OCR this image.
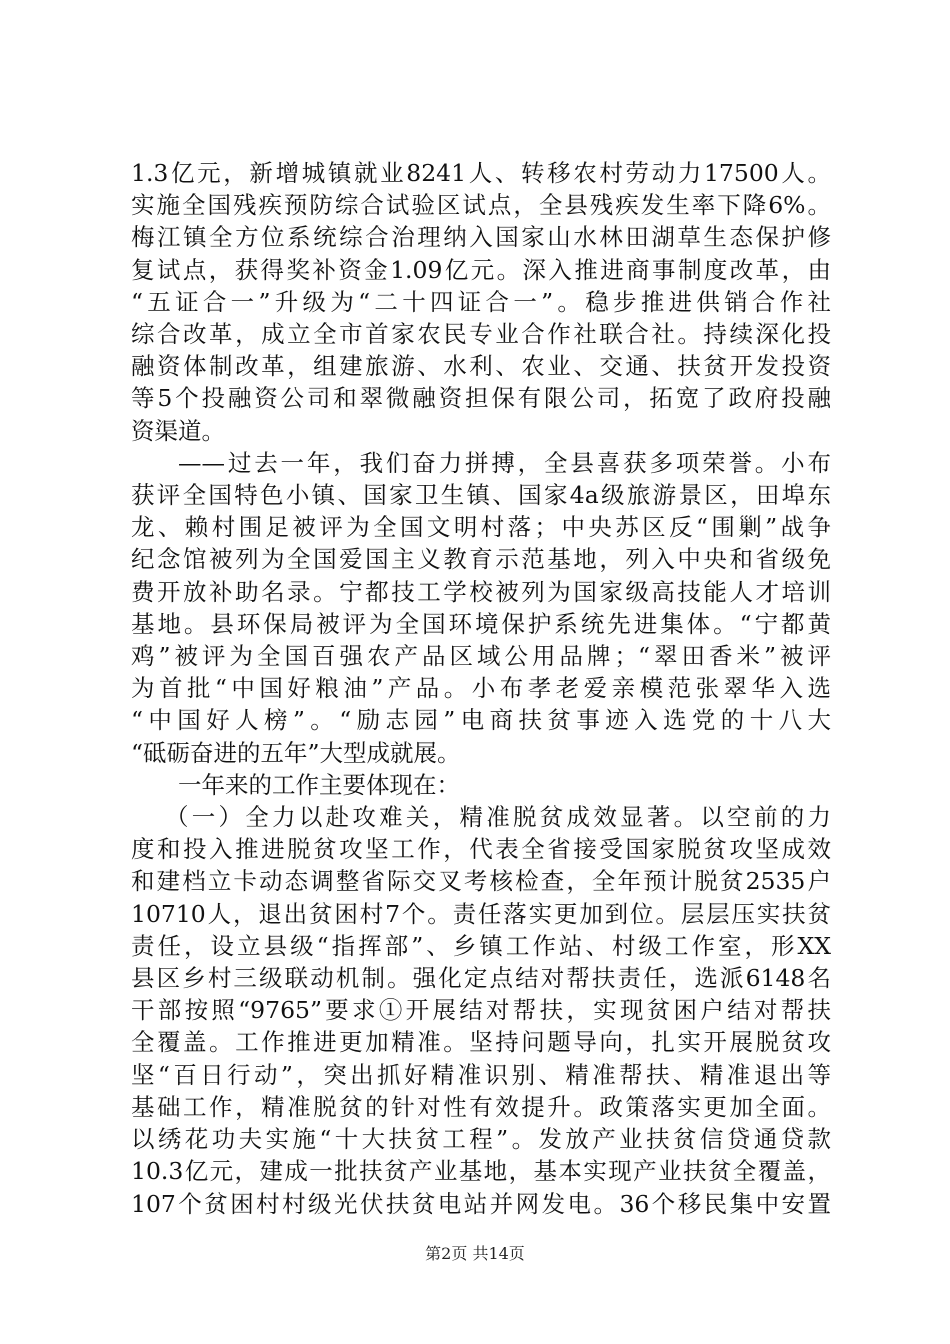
1.3亿元，新增城镇就业8241人、转移农村劳动力17500人。
实施全国残疾预防综合试验区试点，全县残疾发生率下降6%。
梅江镇全方位系统综合治理纳入国家山水林田湖草生态保护修
复试点，获得奖补资金1.09亿元。深入推进商事制度改革，由
“五证合一”升级为“二十四证合一”。稳步推进供销合作社
综合改革，成立全市首家农民专业合作社联合社。持续深化投
融资体制改革，组建旅游、水利、农业、交通、扶贫开发投资
等5个投融资公司和翠微融资担保有限公司，拓宽了政府投融
资渠道。
——过去一年，我们奋力拼搏，全县喜获多项荣誉。小布
获评全国特色小镇、国家卫生镇、国家4a级旅游景区，田埠东
龙、赖村围足被评为全国文明村落；中央苏区反“围剿”战争
纪念馆被列为全国爱国主义教育示范基地，列入中央和省级免
费开放补助名录。宁都技工学校被列为国家级高技能人才培训
基地。县环保局被评为全国环境保护系统先进集体。“宁都黄
鸡”被评为全国百强农产品区域公用品牌；“翠田香米”被评
为首批“中国好粮油”产品。小布孝老爱亲模范张翠华入选
“中国好人榜”。“励志园”电商扶贫事迹入选党的十八大
“砥砺奋进的五年”大型成就展。
一年来的工作主要体现在：
（一）全力以赴攻难关，精准脱贫成效显著。以空前的力
度和投入推进脱贫攻坚工作，代表全省接受国家脱贫攻坚成效
和建档立卡动态调整省际交叉考核检查，全年预计脱贫2535户
10710人，退出贫困村7个。责任落实更加到位。层层压实扶贫
责任，设立县级“指挥部”、乡镇工作站、村级工作室，形XX
县区乡村三级联动机制。强化定点结对帮扶责任，选派6148名
干部按照“9765”要求①开展结对帮扶，实现贫困户结对帮扶
全覆盖。工作推进更加精准。坚持问题导向，扎实开展脱贫攻
坚“百日行动”，突出抓好精准识别、精准帮扶、精准退出等
基础工作，精准脱贫的针对性有效提升。政策落实更加全面。
以绣花功夫实施“十大扶贫工程”。发放产业扶贫信贷通贷款
10.3亿元，建成一批扶贫产业基地，基本实现产业扶贫全覆盖，
107个贫困村村级光伏扶贫电站并网发电。36个移民集中安置
第2页 共14页
